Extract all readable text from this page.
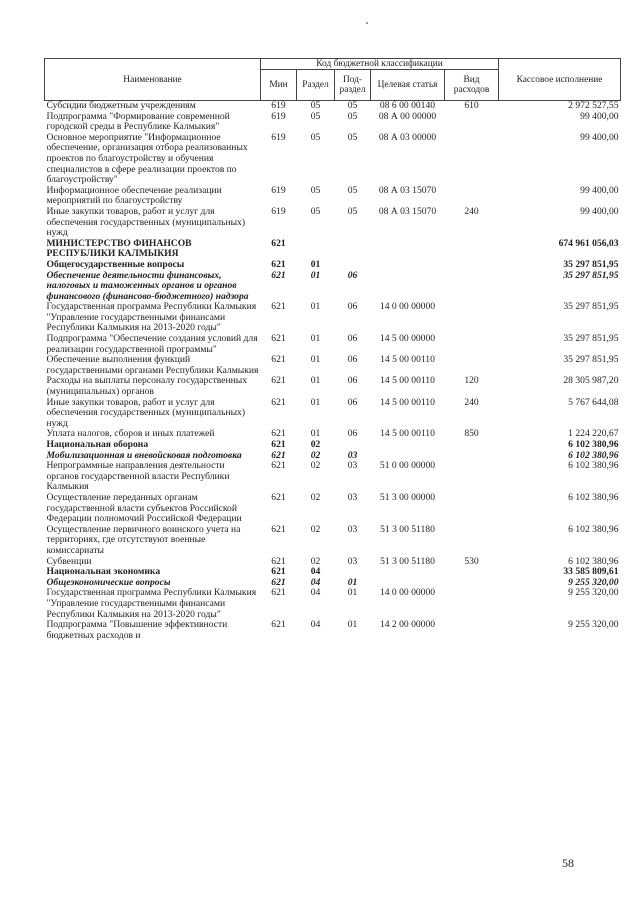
Наименование	Код бюджетной классификации					Кассовое исполнение
	Мин	Раздел	Под-раздел	Целевая статья	Вид расходов	
Субсидии бюджетным учреждениям	619	05	05	08 6 00 00140	610	2 972 527,55
Подпрограмма "Формирование современной городской среды в Республике Калмыкия"	619	05	05	08 А 00 00000		99 400,00
Основное мероприятие "Информационное обеспечение, организация отбора реализованных проектов по благоустройству и обучения специалистов в сфере реализации проектов по благоустройству"	619	05	05	08 А 03 00000		99 400,00
Информационное обеспечение реализации мероприятий по благоустройству	619	05	05	08 А 03 15070		99 400,00
Иные закупки товаров, работ и услуг для обеспечения государственных (муниципальных) нужд	619	05	05	08 А 03 15070	240	99 400,00
МИНИСТЕРСТВО ФИНАНСОВ РЕСПУБЛИКИ КАЛМЫКИЯ	621					674 961 056,03
Общегосударственные вопросы	621	01				35 297 851,95
Обеспечение деятельности финансовых, налоговых и таможенных органов и органов финансового (финансово-бюджетного) надзора	621	01	06			35 297 851,95
Государственная программа Республики Калмыкия "Управление государственными финансами Республики Калмыкия на 2013-2020 годы"	621	01	06	14 0 00 00000		35 297 851,95
Подпрограмма "Обеспечение создания условий для реализации государственной программы"	621	01	06	14 5 00 00000		35 297 851,95
Обеспечение выполнения функций государственными органами Республики Калмыкия	621	01	06	14 5 00 00110		35 297 851,95
Расходы на выплаты персоналу государственных (муниципальных) органов	621	01	06	14 5 00 00110	120	28 305 987,20
Иные закупки товаров, работ и услуг для обеспечения государственных (муниципальных) нужд	621	01	06	14 5 00 00110	240	5 767 644,08
Уплата налогов, сборов и иных платежей	621	01	06	14 5 00 00110	850	1 224 220,67
Национальная оборона	621	02				6 102 380,96
Мобилизационная и вневойсковая подготовка	621	02	03			6 102 380,96
Непрограммные направления деятельности органов государственной власти Республики Калмыкия	621	02	03	51 0 00 00000		6 102 380,96
Осуществление переданных органам государственной власти субъектов Российской Федерации полномочий Российской Федерации	621	02	03	51 3 00 00000		6 102 380,96
Осуществление первичного воинского учета на территориях, где отсутствуют военные комиссариаты	621	02	03	51 3 00 51180		6 102 380,96
Субвенции	621	02	03	51 3 00 51180	530	6 102 380,96
Национальная экономика	621	04				33 585 809,61
Общеэкономические вопросы	621	04	01			9 255 320,00
Государственная программа Республики Калмыкия "Управление государственными финансами Республики Калмыкия на 2013-2020 годы"	621	04	01	14 0 00 00000		9 255 320,00
Подпрограмма "Повышение эффективности бюджетных расходов и	621	04	01	14 2 00 00000		9 255 320,00
58
